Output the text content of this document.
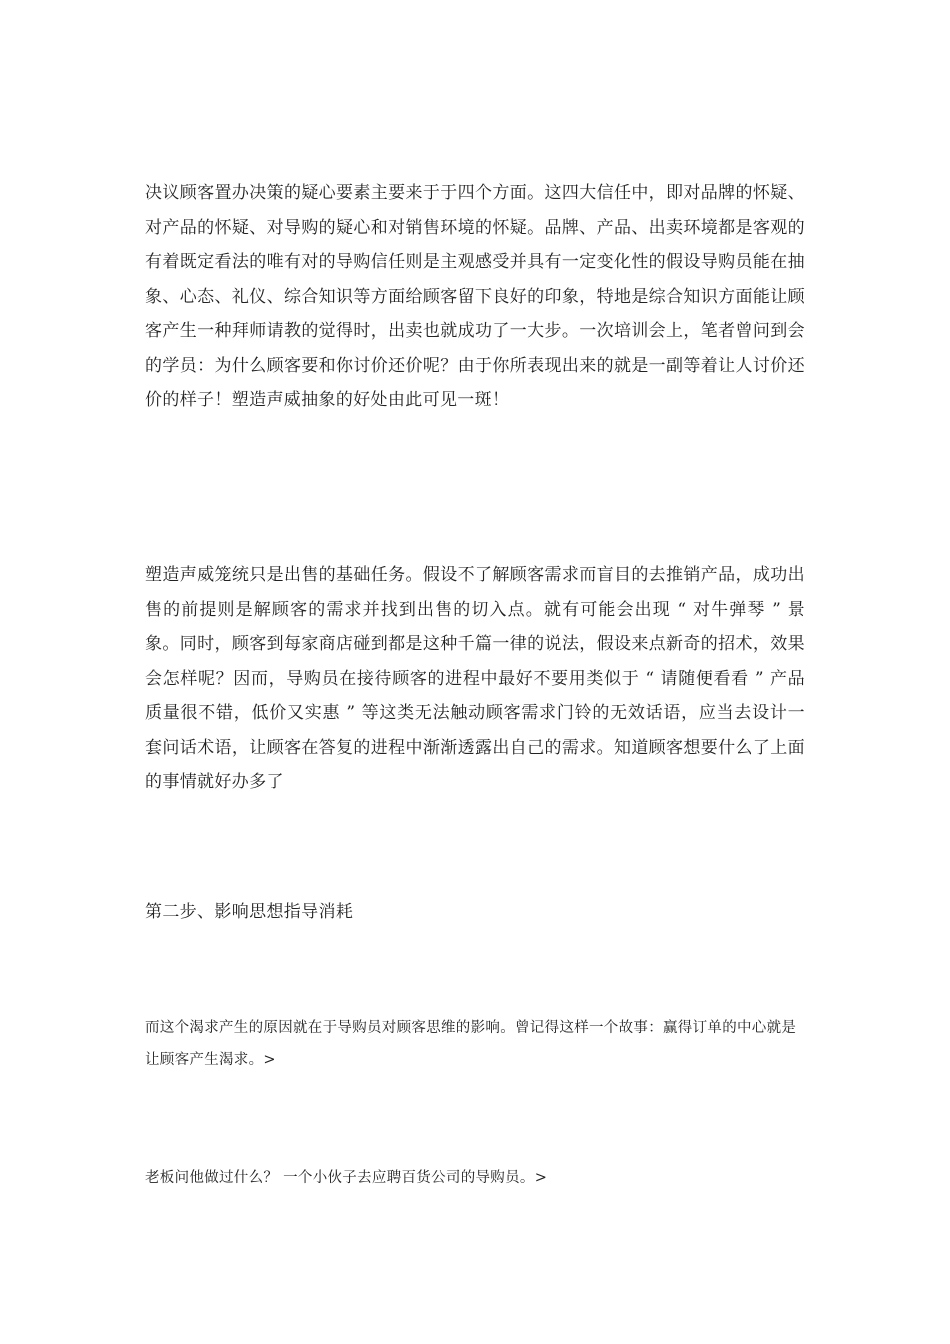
决议顾客置办决策的疑心要素主要来于于四个方面。这四大信任中，即对品牌的怀疑、对产品的怀疑、对导购的疑心和对销售环境的怀疑。品牌、产品、出卖环境都是客观的有着既定看法的唯有对的导购信任则是主观感受并具有一定变化性的假设导购员能在抽象、心态、礼仪、综合知识等方面给顾客留下良好的印象，特地是综合知识方面能让顾客产生一种拜师请教的觉得时，出卖也就成功了一大步。一次培训会上，笔者曾问到会的学员：为什么顾客要和你讨价还价呢？由于你所表现出来的就是一副等着让人讨价还价的样子！塑造声威抽象的好处由此可见一斑！

塑造声威笼统只是出售的基础任务。假设不了解顾客需求而盲目的去推销产品，成功出售的前提则是解顾客的需求并找到出售的切入点。就有可能会出现 “ 对牛弹琴 ” 景象。同时，顾客到每家商店碰到都是这种千篇一律的说法，假设来点新奇的招术，效果会怎样呢？因而，导购员在接待顾客的进程中最好不要用类似于 “ 请随便看看 ” 产品质量很不错，低价又实惠 ” 等这类无法触动顾客需求门铃的无效话语，应当去设计一套问话术语，让顾客在答复的进程中渐渐透露出自己的需求。知道顾客想要什么了上面的事情就好办多了

第二步、影响思想指导消耗

而这个渴求产生的原因就在于导购员对顾客思维的影响。曾记得这样一个故事：赢得订单的中心就是让顾客产生渴求。>

老板问他做过什么？ 一个小伙子去应聘百货公司的导购员。>
